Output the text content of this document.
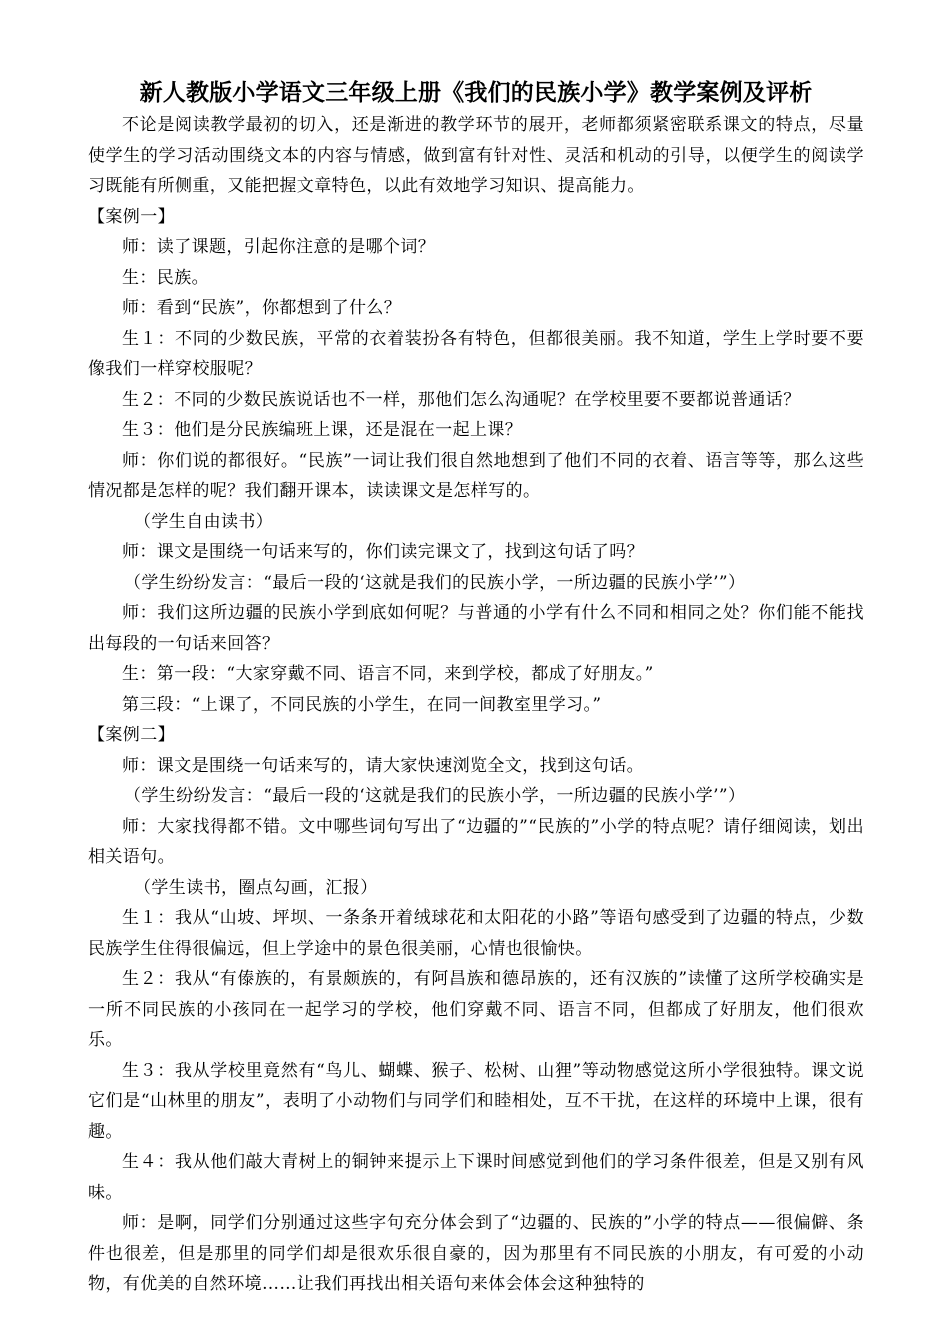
新人教版小学语文三年级上册《我们的民族小学》教学案例及评析

不论是阅读教学最初的切入，还是渐进的教学环节的展开，老师都须紧密联系课文的特点，尽量使学生的学习活动围绕文本的内容与情感，做到富有针对性、灵活和机动的引导，以便学生的阅读学习既能有所侧重，又能把握文章特色，以此有效地学习知识、提高能力。

【案例一】

师：读了课题，引起你注意的是哪个词？

生：民族。

师：看到“民族”，你都想到了什么？

生１：不同的少数民族，平常的衣着装扮各有特色，但都很美丽。我不知道，学生上学时要不要像我们一样穿校服呢？

生２：不同的少数民族说话也不一样，那他们怎么沟通呢？在学校里要不要都说普通话？

生３：他们是分民族编班上课，还是混在一起上课？

师：你们说的都很好。“民族”一词让我们很自然地想到了他们不同的衣着、语言等等，那么这些情况都是怎样的呢？我们翻开课本，读读课文是怎样写的。

（学生自由读书）

师：课文是围绕一句话来写的，你们读完课文了，找到这句话了吗？

（学生纷纷发言：“最后一段的‘这就是我们的民族小学，一所边疆的民族小学’”）

师：我们这所边疆的民族小学到底如何呢？与普通的小学有什么不同和相同之处？你们能不能找出每段的一句话来回答？

生：第一段：“大家穿戴不同、语言不同，来到学校，都成了好朋友。”

第三段：“上课了，不同民族的小学生，在同一间教室里学习。”

【案例二】

师：课文是围绕一句话来写的，请大家快速浏览全文，找到这句话。

（学生纷纷发言：“最后一段的‘这就是我们的民族小学，一所边疆的民族小学’”）

师：大家找得都不错。文中哪些词句写出了“边疆的”“民族的”小学的特点呢？请仔细阅读，划出相关语句。

（学生读书，圈点勾画，汇报）

生１：我从“山坡、坪坝、一条条开着绒球花和太阳花的小路”等语句感受到了边疆的特点，少数民族学生住得很偏远，但上学途中的景色很美丽，心情也很愉快。

生２：我从“有傣族的，有景颇族的，有阿昌族和德昂族的，还有汉族的”读懂了这所学校确实是一所不同民族的小孩同在一起学习的学校，他们穿戴不同、语言不同，但都成了好朋友，他们很欢乐。

生３：我从学校里竟然有“鸟儿、蝴蝶、猴子、松树、山狸”等动物感觉这所小学很独特。课文说它们是“山林里的朋友”，表明了小动物们与同学们和睦相处，互不干扰，在这样的环境中上课，很有趣。

生４：我从他们敲大青树上的铜钟来提示上下课时间感觉到他们的学习条件很差，但是又别有风味。

师：是啊，同学们分别通过这些字句充分体会到了“边疆的、民族的”小学的特点——很偏僻、条件也很差，但是那里的同学们却是很欢乐很自豪的，因为那里有不同民族的小朋友，有可爱的小动物，有优美的自然环境……让我们再找出相关语句来体会体会这种独特的
